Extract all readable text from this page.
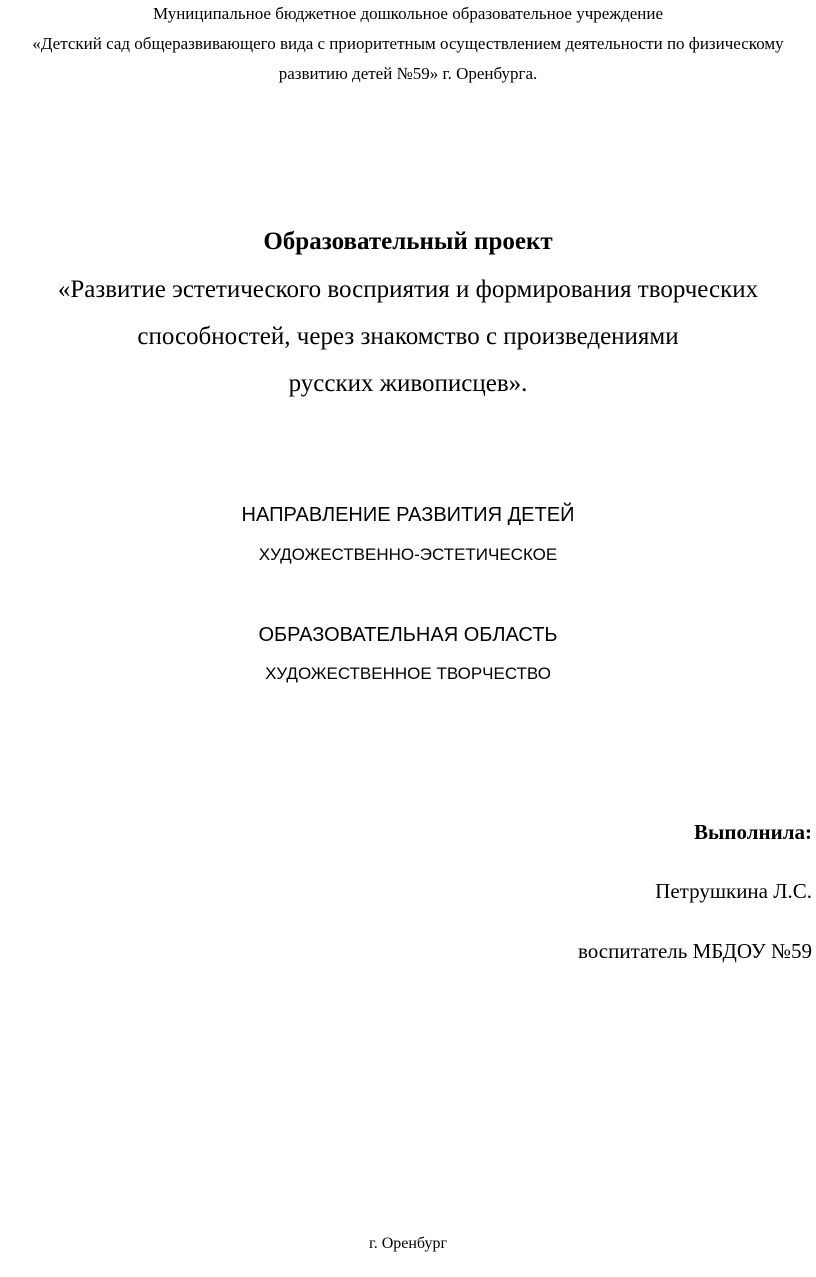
Муниципальное бюджетное дошкольное образовательное учреждение
«Детский сад общеразвивающего вида с приоритетным осуществлением деятельности по физическому
развитию детей №59» г. Оренбурга.
Образовательный проект
«Развитие эстетического восприятия и формирования творческих
способностей, через знакомство с произведениями
русских живописцев».
НАПРАВЛЕНИЕ РАЗВИТИЯ ДЕТЕЙ
ХУДОЖЕСТВЕННО-ЭСТЕТИЧЕСКОЕ
ОБРАЗОВАТЕЛЬНАЯ ОБЛАСТЬ
ХУДОЖЕСТВЕННОЕ ТВОРЧЕСТВО
Выполнила:
Петрушкина Л.С.
воспитатель МБДОУ №59
г. Оренбург
